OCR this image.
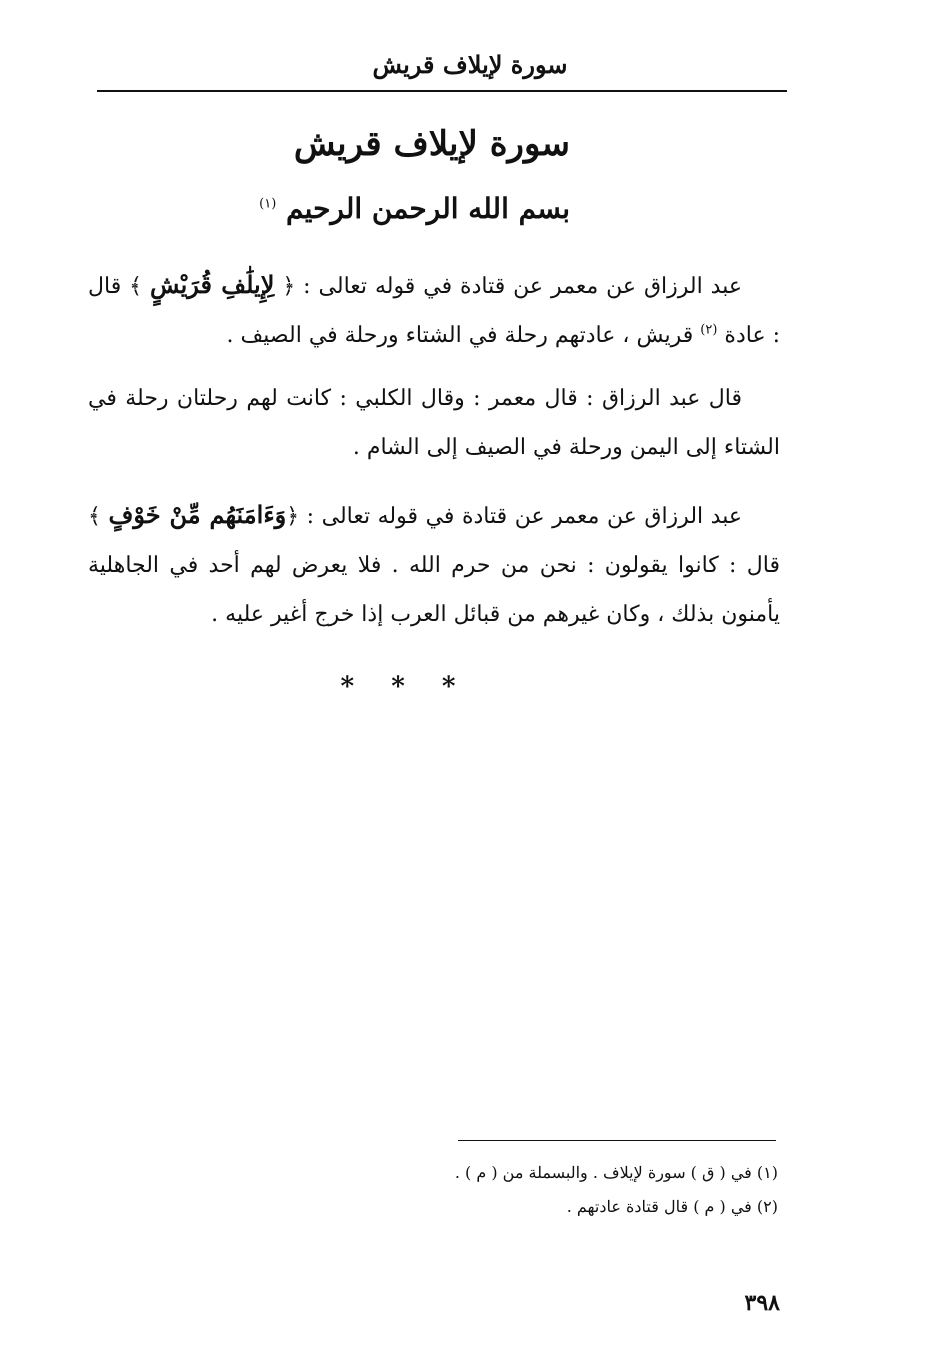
سورة لإيلاف قريش
سورة لإيلاف قريش
بسم الله الرحمن الرحيم $^{(١)}$
عبد الرزاق عن معمر عن قتادة في قوله تعالى : ﴿ لِإِيلَٰفِ قُرَيْشٍ ﴾ قال : عادة $^{(٢)}$ قريش ، عادتهم رحلة في الشتاء ورحلة في الصيف .
قال عبد الرزاق : قال معمر : وقال الكلبي : كانت لهم رحلتان رحلة في الشتاء إلى اليمن ورحلة في الصيف إلى الشام .
عبد الرزاق عن معمر عن قتادة في قوله تعالى : ﴿وَءَامَنَهُم مِّنْ خَوْفٍ ﴾ قال : كانوا يقولون : نحن من حرم الله . فلا يعرض لهم أحد في الجاهلية يأمنون بذلك ، وكان غيرهم من قبائل العرب إذا خرج أغير عليه .
* * *
(١) في ( ق ) سورة لإيلاف . والبسملة من ( م ) .
(٢) في ( م ) قال قتادة عادتهم .
٣٩٨
